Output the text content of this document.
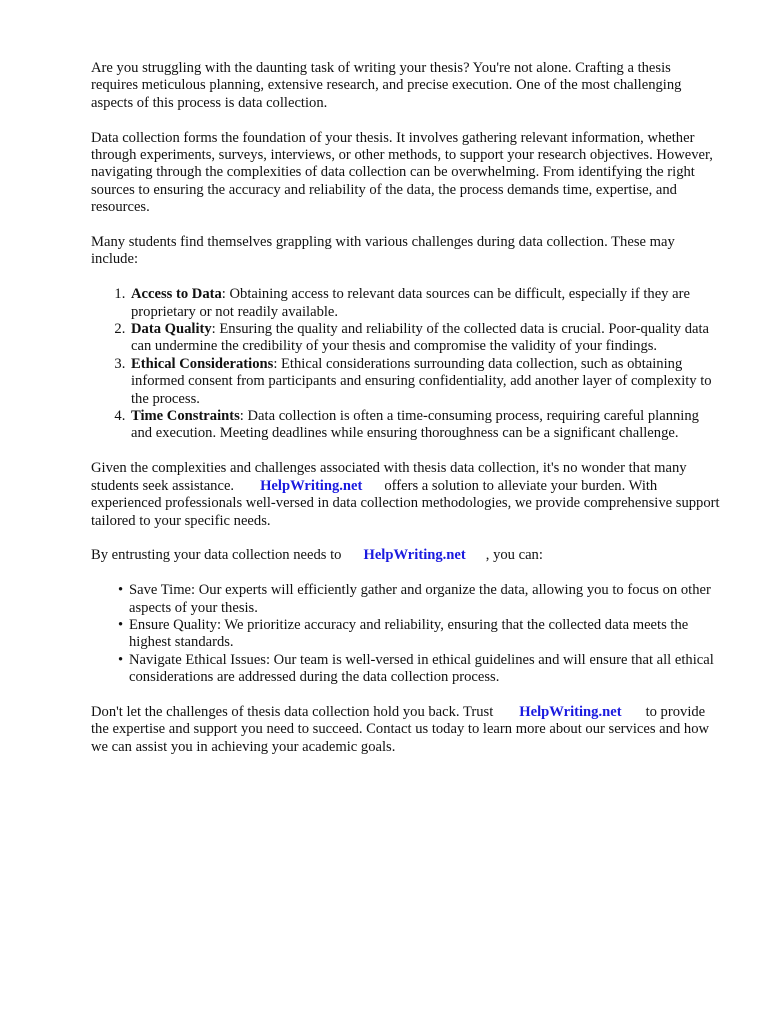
Are you struggling with the daunting task of writing your thesis? You're not alone. Crafting a thesis requires meticulous planning, extensive research, and precise execution. One of the most challenging aspects of this process is data collection.

Data collection forms the foundation of your thesis. It involves gathering relevant information, whether through experiments, surveys, interviews, or other methods, to support your research objectives. However, navigating through the complexities of data collection can be overwhelming. From identifying the right sources to ensuring the accuracy and reliability of the data, the process demands time, expertise, and resources.

Many students find themselves grappling with various challenges during data collection. These may include:

1. Access to Data: Obtaining access to relevant data sources can be difficult, especially if they are proprietary or not readily available.
2. Data Quality: Ensuring the quality and reliability of the collected data is crucial. Poor-quality data can undermine the credibility of your thesis and compromise the validity of your findings.
3. Ethical Considerations: Ethical considerations surrounding data collection, such as obtaining informed consent from participants and ensuring confidentiality, add another layer of complexity to the process.
4. Time Constraints: Data collection is often a time-consuming process, requiring careful planning and execution. Meeting deadlines while ensuring thoroughness can be a significant challenge.

Given the complexities and challenges associated with thesis data collection, it's no wonder that many students seek assistance. HelpWriting.net offers a solution to alleviate your burden. With experienced professionals well-versed in data collection methodologies, we provide comprehensive support tailored to your specific needs.

By entrusting your data collection needs to HelpWriting.net , you can:

• Save Time: Our experts will efficiently gather and organize the data, allowing you to focus on other aspects of your thesis.
• Ensure Quality: We prioritize accuracy and reliability, ensuring that the collected data meets the highest standards.
• Navigate Ethical Issues: Our team is well-versed in ethical guidelines and will ensure that all ethical considerations are addressed during the data collection process.

Don't let the challenges of thesis data collection hold you back. Trust HelpWriting.net to provide the expertise and support you need to succeed. Contact us today to learn more about our services and how we can assist you in achieving your academic goals.
